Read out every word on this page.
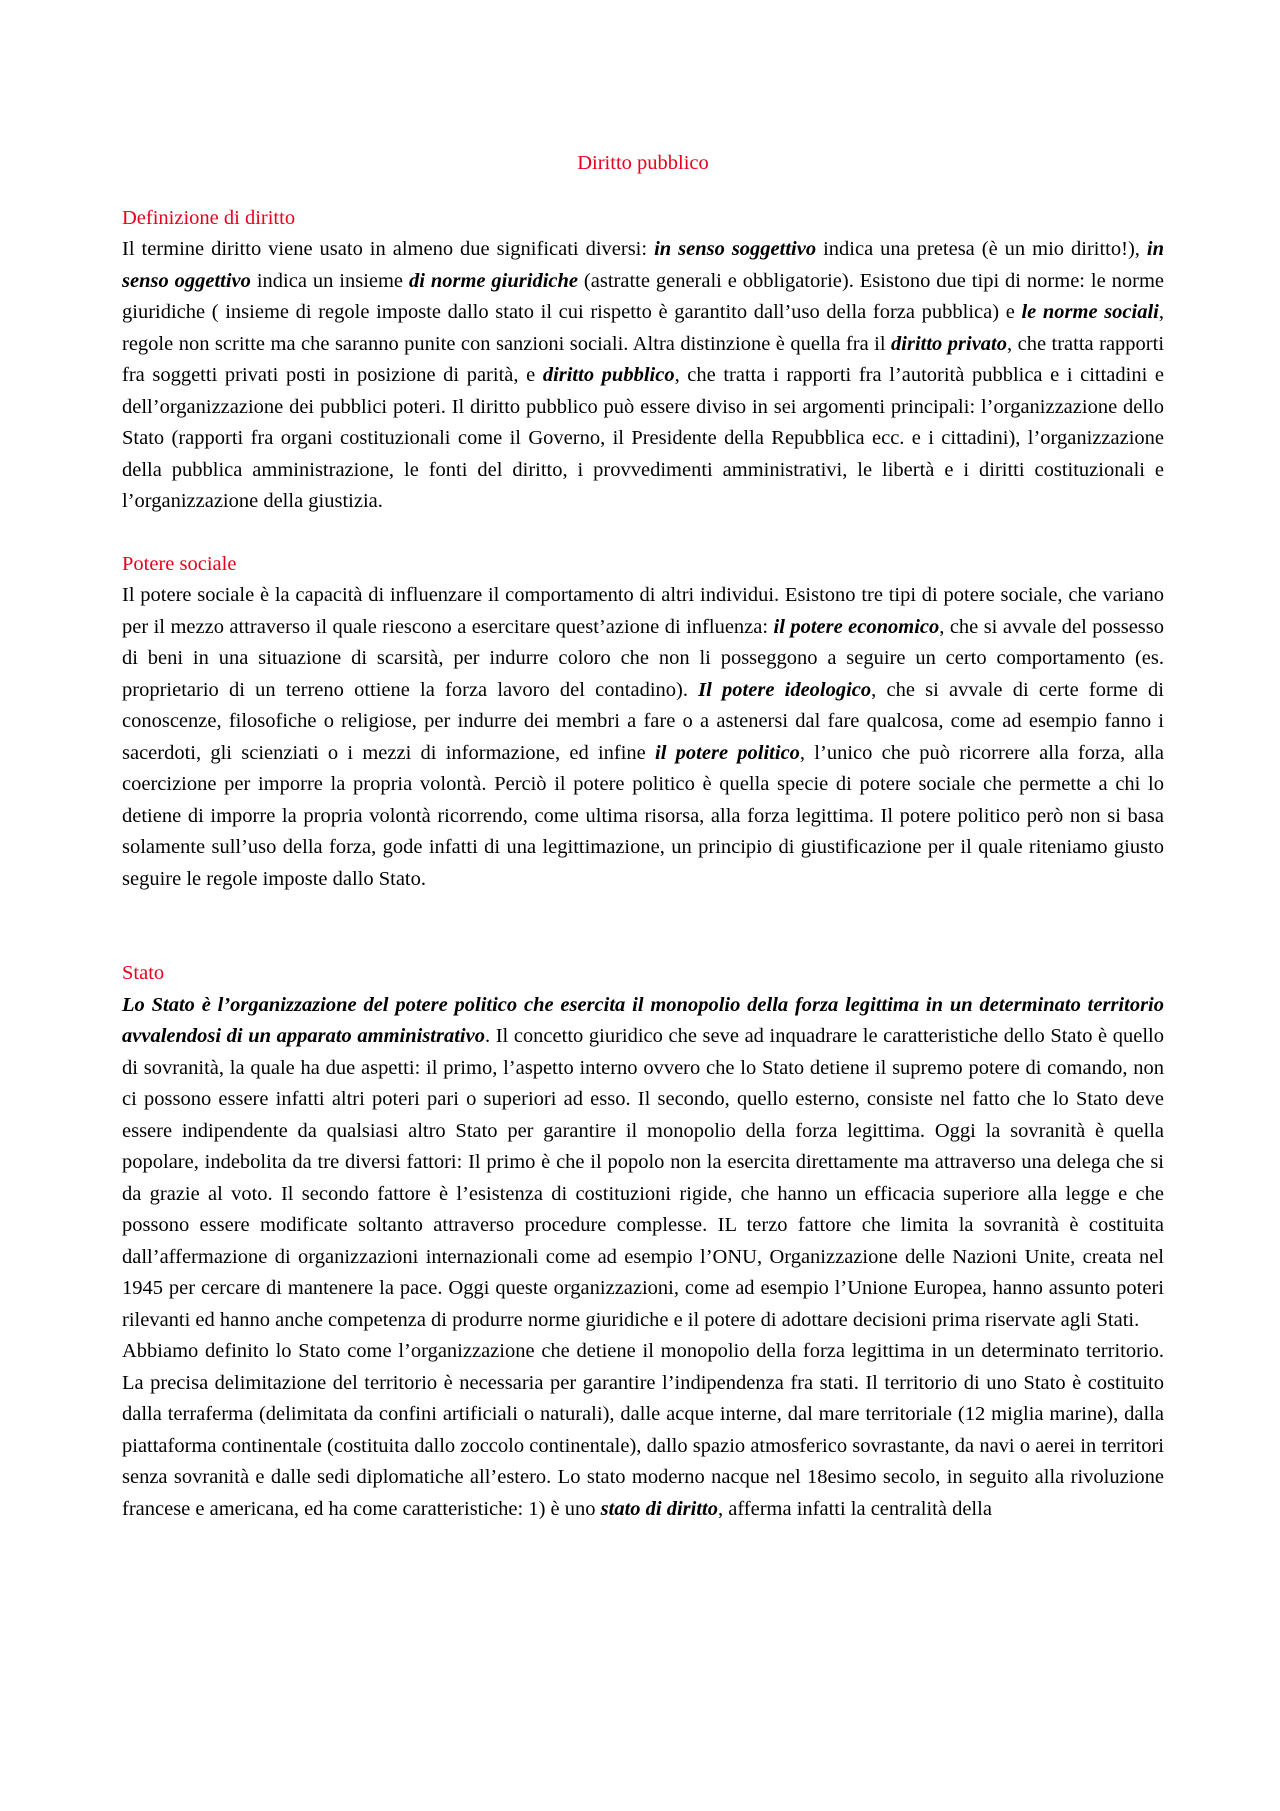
Diritto pubblico
Definizione di diritto

Il termine diritto viene usato in almeno due significati diversi: in senso soggettivo indica una pretesa (è un mio diritto!), in senso oggettivo indica un insieme di norme giuridiche (astratte generali e obbligatorie). Esistono due tipi di norme: le norme giuridiche ( insieme di regole imposte dallo stato il cui rispetto è garantito dall’uso della forza pubblica) e le norme sociali, regole non scritte ma che saranno punite con sanzioni sociali. Altra distinzione è quella fra il diritto privato, che tratta rapporti fra soggetti privati posti in posizione di parità, e diritto pubblico, che tratta i rapporti fra l’autorità pubblica e i cittadini e dell’organizzazione dei pubblici poteri. Il diritto pubblico può essere diviso in sei argomenti principali: l’organizzazione dello Stato (rapporti fra organi costituzionali come il Governo, il Presidente della Repubblica ecc. e i cittadini), l’organizzazione della pubblica amministrazione, le fonti del diritto, i provvedimenti amministrativi, le libertà e i diritti costituzionali e l’organizzazione della giustizia.

Potere sociale

Il potere sociale è la capacità di influenzare il comportamento di altri individui. Esistono tre tipi di potere sociale, che variano per il mezzo attraverso il quale riescono a esercitare quest’azione di influenza: il potere economico, che si avvale del possesso di beni in una situazione di scarsità, per indurre coloro che non li posseggono a seguire un certo comportamento (es. proprietario di un terreno ottiene la forza lavoro del contadino). Il potere ideologico, che si avvale di certe forme di conoscenze, filosofiche o religiose, per indurre dei membri a fare o a astenersi dal fare qualcosa, come ad esempio fanno i sacerdoti, gli scienziati o i mezzi di informazione, ed infine il potere politico, l’unico che può ricorrere alla forza, alla coercizione per imporre la propria volontà. Perciò il potere politico è quella specie di potere sociale che permette a chi lo detiene di imporre la propria volontà ricorrendo, come ultima risorsa, alla forza legittima. Il potere politico però non si basa solamente sull’uso della forza, gode infatti di una legittimazione, un principio di giustificazione per il quale riteniamo giusto seguire le regole imposte dallo Stato.

Stato

Lo Stato è l’organizzazione del potere politico che esercita il monopolio della forza legittima in un determinato territorio avvalendosi di un apparato amministrativo. Il concetto giuridico che seve ad inquadrare le caratteristiche dello Stato è quello di sovranità, la quale ha due aspetti: il primo, l’aspetto interno ovvero che lo Stato detiene il supremo potere di comando, non ci possono essere infatti altri poteri pari o superiori ad esso. Il secondo, quello esterno, consiste nel fatto che lo Stato deve essere indipendente da qualsiasi altro Stato per garantire il monopolio della forza legittima. Oggi la sovranità è quella popolare, indebolita da tre diversi fattori: Il primo è che il popolo non la esercita direttamente ma attraverso una delega che si da grazie al voto. Il secondo fattore è l’esistenza di costituzioni rigide, che hanno un efficacia superiore alla legge e che possono essere modificate soltanto attraverso procedure complesse. IL terzo fattore che limita la sovranità è costituita dall’affermazione di organizzazioni internazionali come ad esempio l’ONU, Organizzazione delle Nazioni Unite, creata nel 1945 per cercare di mantenere la pace. Oggi queste organizzazioni, come ad esempio l’Unione Europea, hanno assunto poteri rilevanti ed hanno anche competenza di produrre norme giuridiche e il potere di adottare decisioni prima riservate agli Stati.

Abbiamo definito lo Stato come l’organizzazione che detiene il monopolio della forza legittima in un determinato territorio. La precisa delimitazione del territorio è necessaria per garantire l’indipendenza fra stati. Il territorio di uno Stato è costituito dalla terraferma (delimitata da confini artificiali o naturali), dalle acque interne, dal mare territoriale (12 miglia marine), dalla piattaforma continentale (costituita dallo zoccolo continentale), dallo spazio atmosferico sovrastante, da navi o aerei in territori senza sovranità e dalle sedi diplomatiche all’estero. Lo stato moderno nacque nel 18esimo secolo, in seguito alla rivoluzione francese e americana, ed ha come caratteristiche: 1) è uno stato di diritto, afferma infatti la centralità della
